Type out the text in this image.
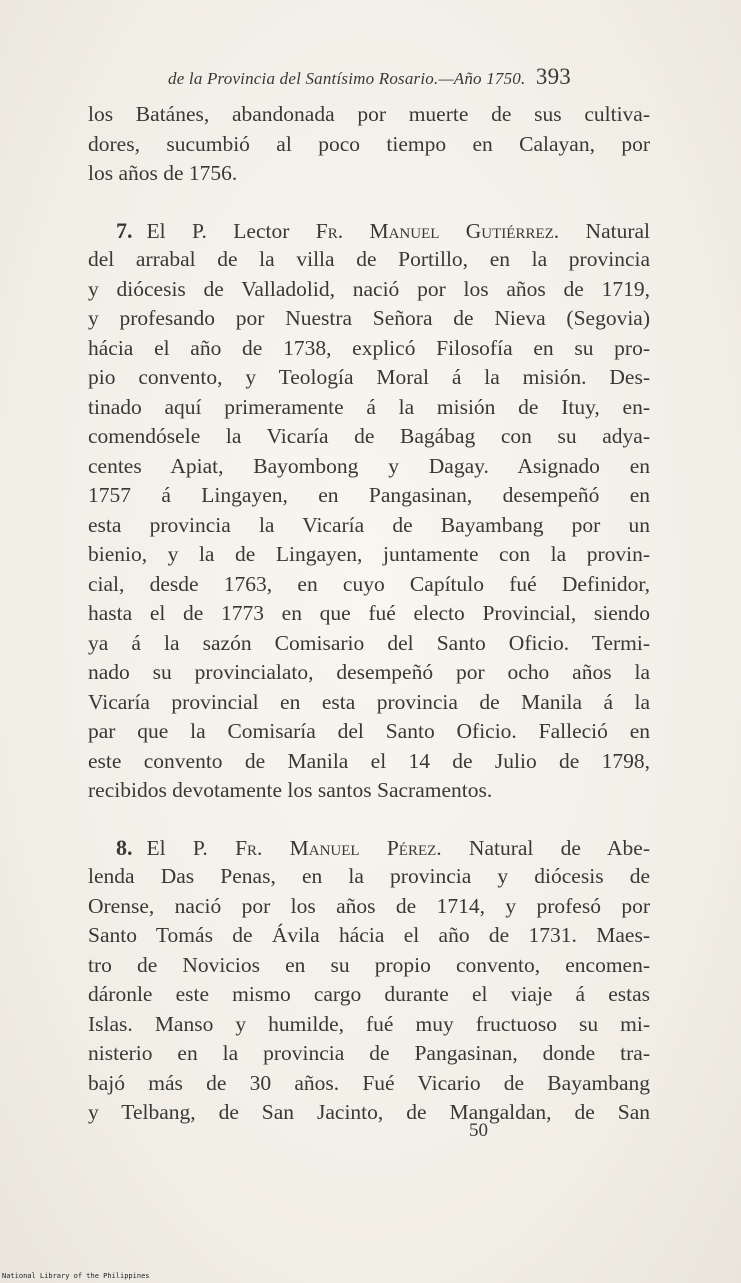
de la Provincia del Santísimo Rosario.—Año 1750. 393
los Batánes, abandonada por muerte de sus cultiva-
dores, sucumbió al poco tiempo en Calayan, por
los años de 1756.
7. El P. Lector Fr. Manuel Gutiérrez. Natural
del arrabal de la villa de Portillo, en la provincia
y diócesis de Valladolid, nació por los años de 1719,
y profesando por Nuestra Señora de Nieva (Segovia)
hácia el año de 1738, explicó Filosofía en su pro-
pio convento, y Teología Moral á la misión. Des-
tinado aquí primeramente á la misión de Ituy, en-
comendósele la Vicaría de Bagábag con su adya-
centes Apiat, Bayombong y Dagay. Asignado en
1757 á Lingayen, en Pangasinan, desempeñó en
esta provincia la Vicaría de Bayambang por un
bienio, y la de Lingayen, juntamente con la provin-
cial, desde 1763, en cuyo Capítulo fué Definidor,
hasta el de 1773 en que fué electo Provincial, siendo
ya á la sazón Comisario del Santo Oficio. Termi-
nado su provincialato, desempeñó por ocho años la
Vicaría provincial en esta provincia de Manila á la
par que la Comisaría del Santo Oficio. Falleció en
este convento de Manila el 14 de Julio de 1798,
recibidos devotamente los santos Sacramentos.
8. El P. Fr. Manuel Pérez. Natural de Abe-
lenda Das Penas, en la provincia y diócesis de
Orense, nació por los años de 1714, y profesó por
Santo Tomás de Ávila hácia el año de 1731. Maes-
tro de Novicios en su propio convento, encomen-
dáronle este mismo cargo durante el viaje á estas
Islas. Manso y humilde, fué muy fructuoso su mi-
nisterio en la provincia de Pangasinan, donde tra-
bajó más de 30 años. Fué Vicario de Bayambang
y Telbang, de San Jacinto, de Mangaldan, de San
50
National Library of the Philippines
